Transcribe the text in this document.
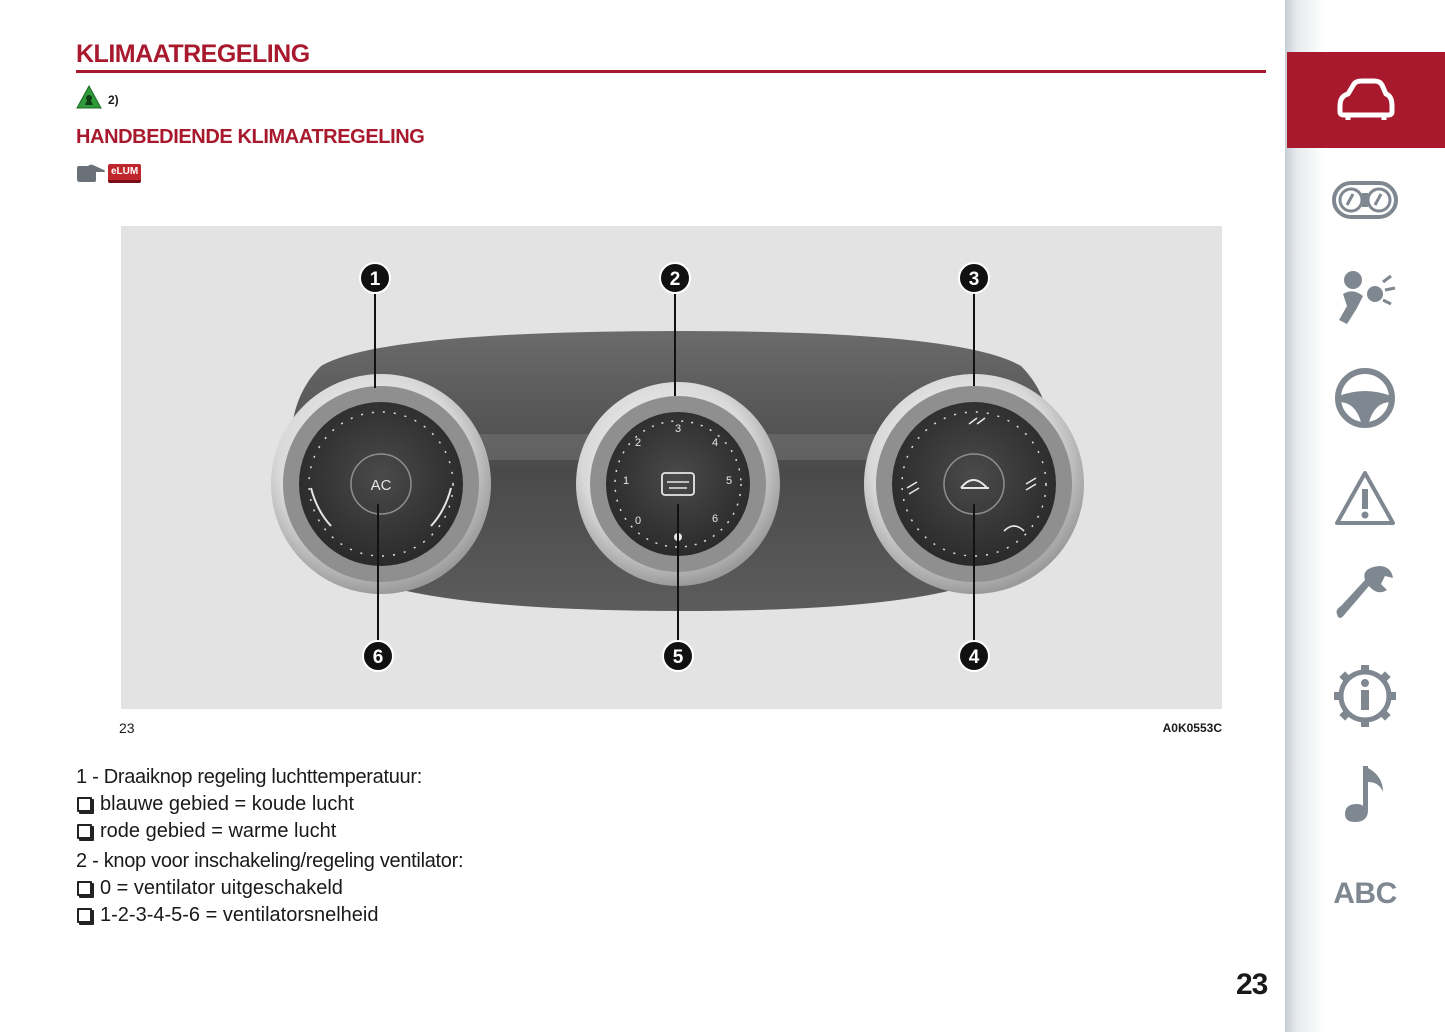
KLIMAATREGELING
2)
HANDBEDIENDE KLIMAATREGELING
eLUM
AC
0
1
2
3
4
5
6
1	2	3
4
5
6
23	A0K0553C
1 - Draaiknop regeling luchttemperatuur:
blauwe gebied = koude lucht
rode gebied = warme lucht
2 - knop voor inschakeling/regeling ventilator:
0 = ventilator uitgeschakeld
1-2-3-4-5-6 = ventilatorsnelheid
23
ABC
